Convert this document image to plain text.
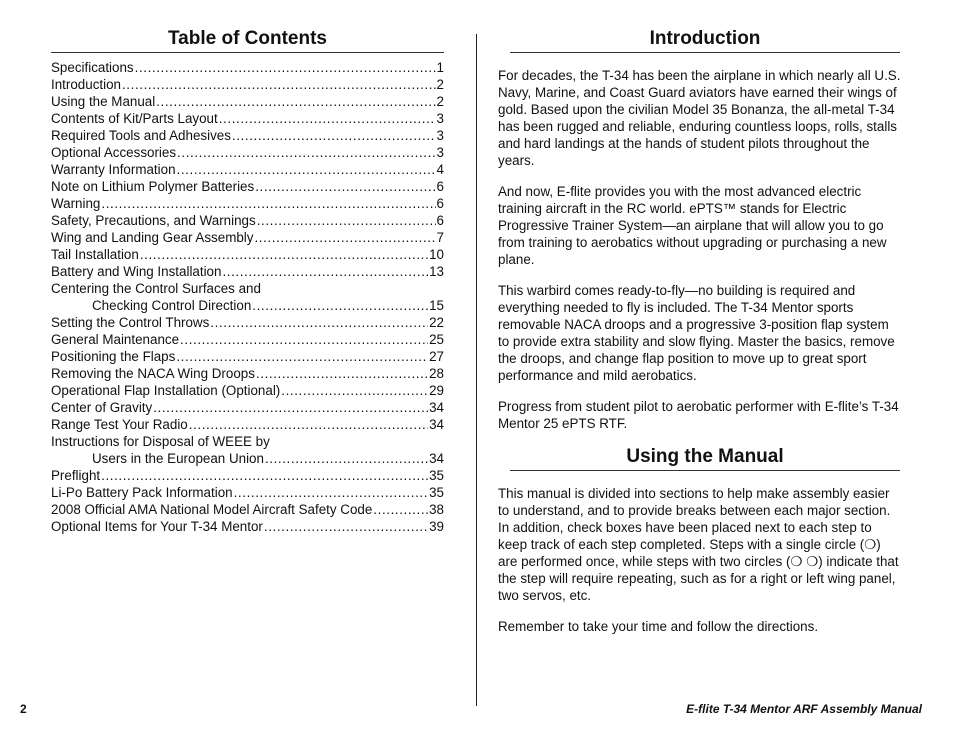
Table of Contents
Specifications .....	1
Introduction .....	2
Using the Manual .....	2
Contents of Kit/Parts Layout .....	3
Required Tools and Adhesives .....	3
Optional Accessories .....	3
Warranty Information .....	4
Note on Lithium Polymer Batteries .....	6
Warning .....	6
Safety, Precautions, and Warnings .....	6
Wing and Landing Gear Assembly .....	7
Tail Installation .....	10
Battery and Wing Installation .....	13
Centering the Control Surfaces and
Checking Control Direction .....	15
Setting the Control Throws .....	22
General Maintenance .....	25
Positioning the Flaps .....	27
Removing the NACA Wing Droops .....	28
Operational Flap Installation (Optional) .....	29
Center of Gravity .....	34
Range Test Your Radio .....	34
Instructions for Disposal of WEEE by
Users in the European Union .....	34
Preflight .....	35
Li-Po Battery Pack Information .....	35
2008 Official AMA National Model Aircraft Safety Code .....	38
Optional Items for Your T-34 Mentor .....	39
Introduction

For decades, the T-34 has been the airplane in which nearly all U.S. Navy, Marine, and Coast Guard aviators have earned their wings of gold. Based upon the civilian Model 35 Bonanza, the all-metal T-34 has been rugged and reliable, enduring countless loops, rolls, stalls and hard landings at the hands of student pilots throughout the years.

And now, E-flite provides you with the most advanced electric training aircraft in the RC world. ePTS™ stands for Electric Progressive Trainer System—an airplane that will allow you to go from training to aerobatics without upgrading or purchasing a new plane.

This warbird comes ready-to-fly—no building is required and everything needed to fly is included. The T-34 Mentor sports removable NACA droops and a progressive 3-position flap system to provide extra stability and slow flying. Master the basics, remove the droops, and change flap position to move up to great sport performance and mild aerobatics.

Progress from student pilot to aerobatic performer with E-flite’s T-34 Mentor 25 ePTS RTF.

Using the Manual

This manual is divided into sections to help make assembly easier to understand, and to provide breaks between each major section. In addition, check boxes have been placed next to each step to keep track of each step completed. Steps with a single circle (❍) are performed once, while steps with two circles (❍ ❍) indicate that the step will require repeating, such as for a right or left wing panel, two servos, etc.

Remember to take your time and follow the directions.

2	E-flite T-34 Mentor ARF Assembly Manual
